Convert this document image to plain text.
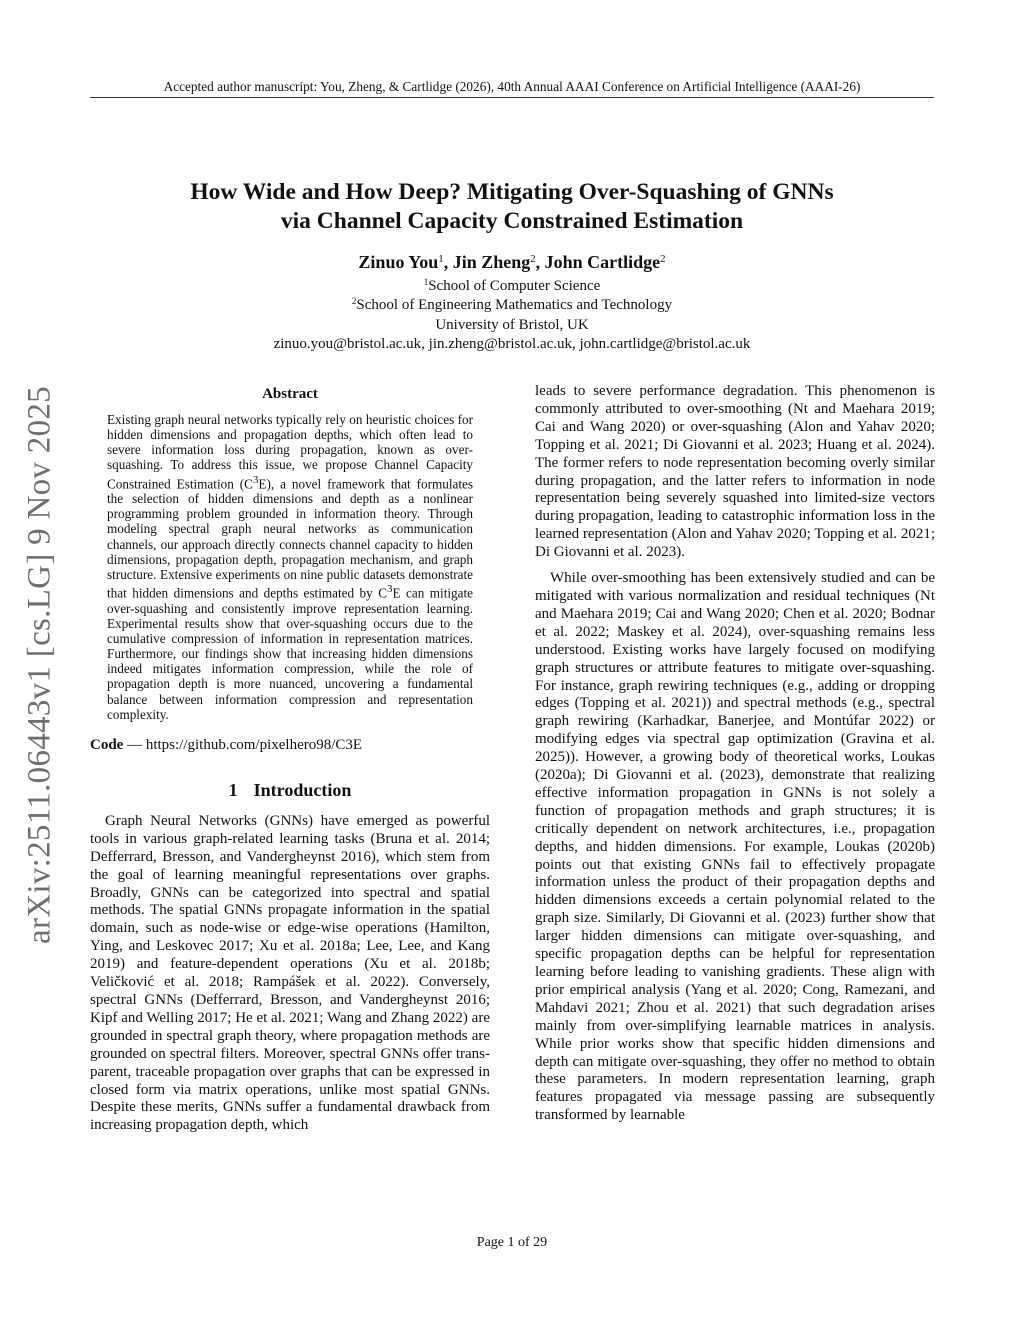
Accepted author manuscript: You, Zheng, & Cartlidge (2026), 40th Annual AAAI Conference on Artificial Intelligence (AAAI-26)
arXiv:2511.06443v1 [cs.LG] 9 Nov 2025
How Wide and How Deep? Mitigating Over-Squashing of GNNs
via Channel Capacity Constrained Estimation
Zinuo You$^1$, Jin Zheng$^2$, John Cartlidge$^2$
$^1$School of Computer Science
$^2$School of Engineering Mathematics and Technology
University of Bristol, UK
zinuo.you@bristol.ac.uk, jin.zheng@bristol.ac.uk, john.cartlidge@bristol.ac.uk
Abstract

Existing graph neural networks typically rely on heuristic choices for hidden dimensions and propagation depths, which often lead to severe information loss during propagation, known as over-squashing. To address this issue, we propose Channel Capacity Constrained Estimation $(C^3E)$, a novel framework that formulates the selection of hidden dimensions and depth as a nonlinear programming problem grounded in information theory. Through modeling spectral graph neural networks as communication channels, our approach directly connects channel capacity to hidden dimensions, propagation depth, propagation mechanism, and graph structure. Extensive experiments on nine public datasets demonstrate that hidden dimensions and depths estimated by $C^3E$ can mitigate over-squashing and consistently improve representation learning. Experimental results show that over-squashing occurs due to the cumulative compression of information in representation matrices. Furthermore, our findings show that increasing hidden dimensions indeed mitigates information compression, while the role of propagation depth is more nuanced, uncovering a fundamental balance between information compression and representation complexity.

Code — https://github.com/pixelhero98/C3E
1 Introduction

Graph Neural Networks (GNNs) have emerged as powerful tools in various graph-related learning tasks (Bruna et al. 2014; Defferrard, Bresson, and Vandergheynst 2016), which stem from the goal of learning meaningful representations over graphs. Broadly, GNNs can be categorized into spectral and spatial methods. The spatial GNNs propagate information in the spatial domain, such as node-wise or edge-wise operations (Hamilton, Ying, and Leskovec 2017; Xu et al. 2018a; Lee, Lee, and Kang 2019) and feature-dependent operations (Xu et al. 2018b; Veličković et al. 2018; Rampášek et al. 2022). Conversely, spectral GNNs (Defferrard, Bresson, and Vandergheynst 2016; Kipf and Welling 2017; He et al. 2021; Wang and Zhang 2022) are grounded in spectral graph theory, where propagation methods are grounded on spectral filters. Moreover, spectral GNNs offer transparent, traceable propagation over graphs that can be expressed in closed form via matrix operations, unlike most spatial GNNs. Despite these merits, GNNs suffer a fundamental drawback from increasing propagation depth, which

leads to severe performance degradation. This phenomenon is commonly attributed to over-smoothing (Nt and Maehara 2019; Cai and Wang 2020) or over-squashing (Alon and Yahav 2020; Topping et al. 2021; Di Giovanni et al. 2023; Huang et al. 2024). The former refers to node representation becoming overly similar during propagation, and the latter refers to information in node representation being severely squashed into limited-size vectors during propagation, leading to catastrophic information loss in the learned representation (Alon and Yahav 2020; Topping et al. 2021; Di Giovanni et al. 2023).

While over-smoothing has been extensively studied and can be mitigated with various normalization and residual techniques (Nt and Maehara 2019; Cai and Wang 2020; Chen et al. 2020; Bodnar et al. 2022; Maskey et al. 2024), over-squashing remains less understood. Existing works have largely focused on modifying graph structures or attribute features to mitigate over-squashing. For instance, graph rewiring techniques (e.g., adding or dropping edges (Topping et al. 2021)) and spectral methods (e.g., spectral graph rewiring (Karhadkar, Banerjee, and Montúfar 2022) or modifying edges via spectral gap optimization (Gravina et al. 2025)). However, a growing body of theoretical works, Loukas (2020a); Di Giovanni et al. (2023), demonstrate that realizing effective information propagation in GNNs is not solely a function of propagation methods and graph structures; it is critically dependent on network architectures, i.e., propagation depths, and hidden dimensions. For example, Loukas (2020b) points out that existing GNNs fail to effectively propagate information unless the product of their propagation depths and hidden dimensions exceeds a certain polynomial related to the graph size. Similarly, Di Giovanni et al. (2023) further show that larger hidden dimensions can mitigate over-squashing, and specific propagation depths can be helpful for representation learning before leading to vanishing gradients. These align with prior empirical analysis (Yang et al. 2020; Cong, Ramezani, and Mahdavi 2021; Zhou et al. 2021) that such degradation arises mainly from over-simplifying learnable matrices in analysis. While prior works show that specific hidden dimensions and depth can mitigate over-squashing, they offer no method to obtain these parameters. In modern representation learning, graph features propagated via message passing are subsequently transformed by learnable

Page 1 of 29
